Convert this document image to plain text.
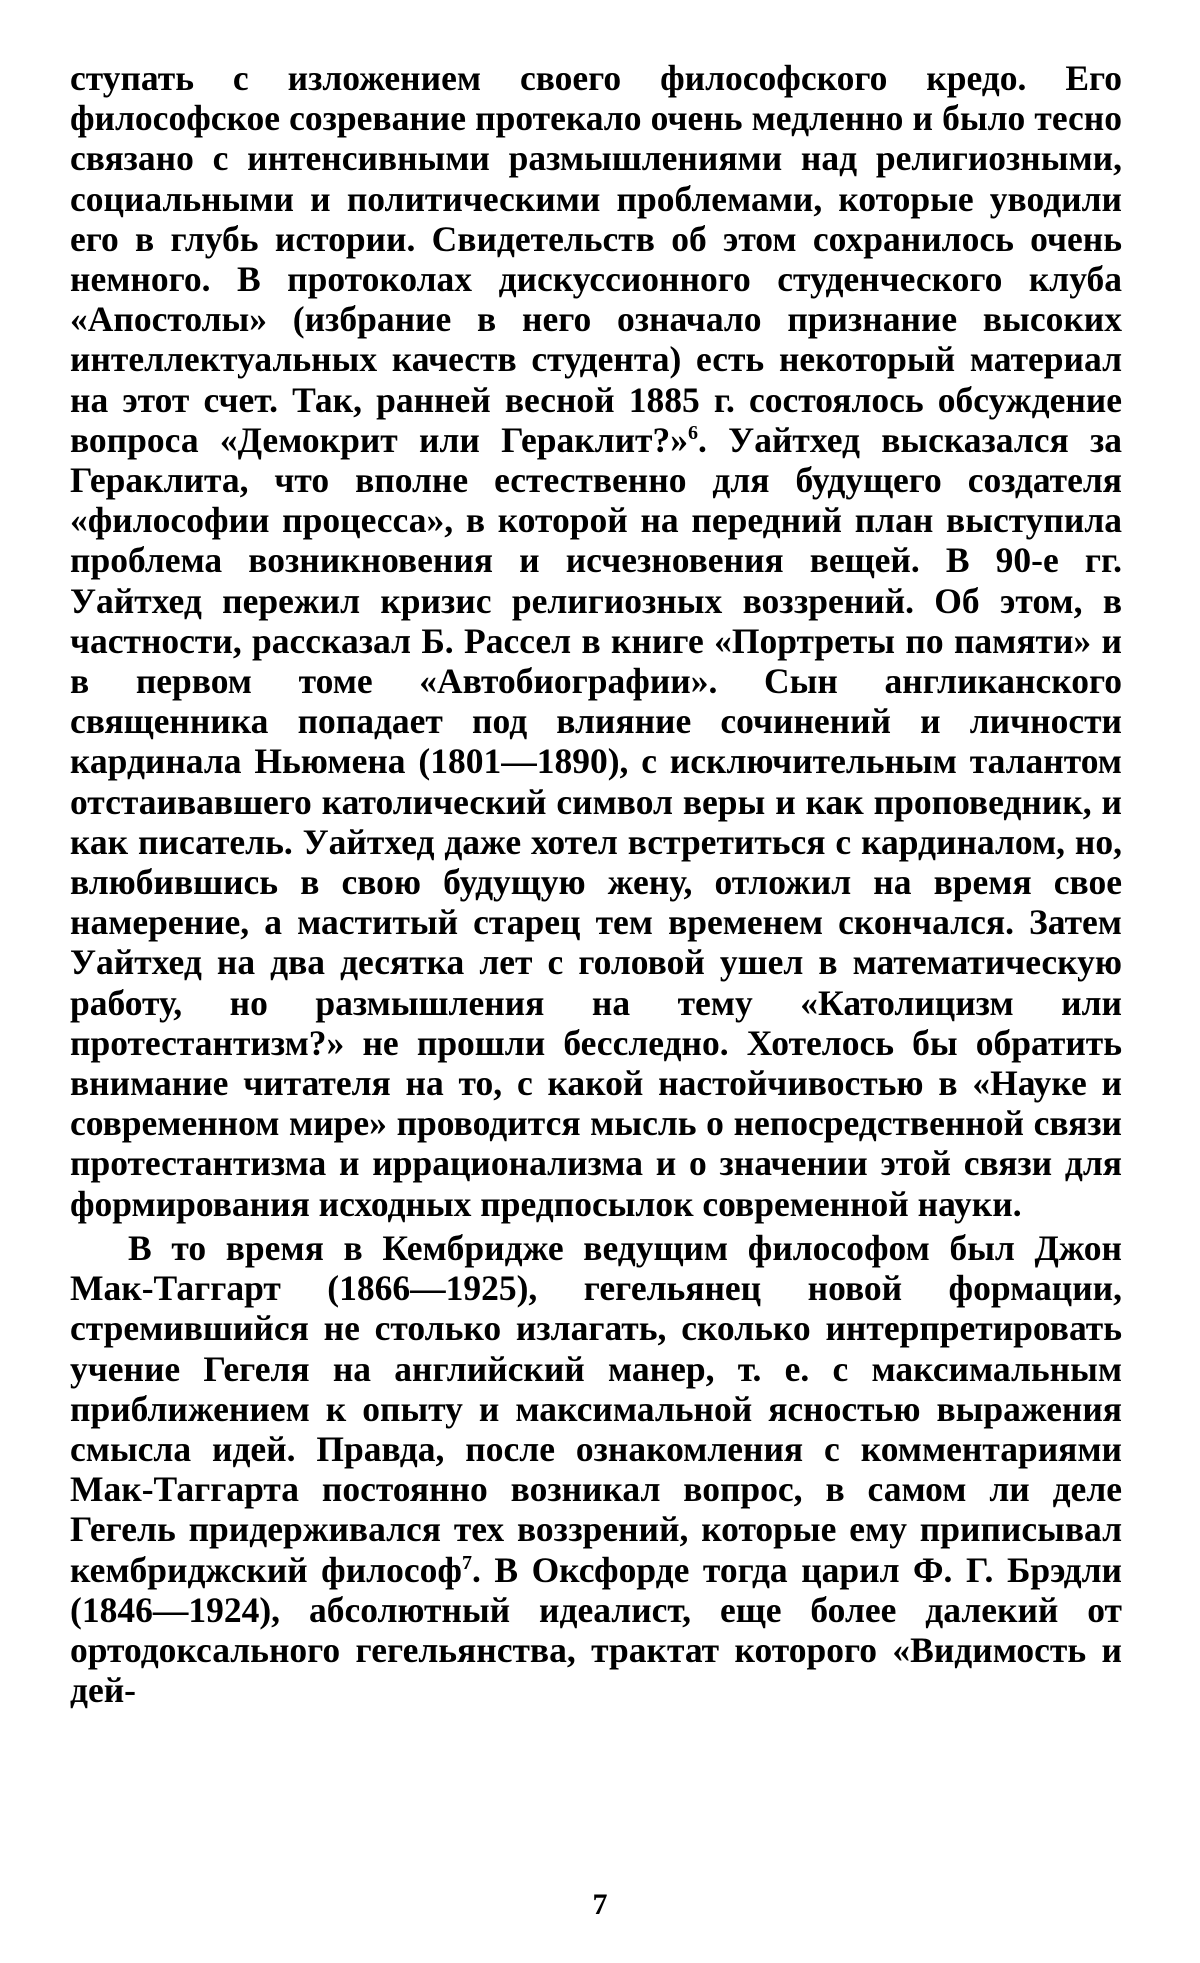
ступать с изложением своего философского кредо. Его философское созревание протекало очень медленно и было тесно связано с интенсивными размышлениями над религиозными, социальными и политическими проблемами, которые уводили его в глубь истории. Свидетельств об этом сохранилось очень немного. В протоколах дискуссионного студенческого клуба «Апостолы» (избрание в него означало признание высоких интеллектуальных качеств студента) есть некоторый материал на этот счет. Так, ранней весной 1885 г. состоялось обсуждение вопроса «Демокрит или Гераклит?»$^6$. Уайтхед высказался за Гераклита, что вполне естественно для будущего создателя «философии процесса», в которой на передний план выступила проблема возникновения и исчезновения вещей. В 90-е гг. Уайтхед пережил кризис религиозных воззрений. Об этом, в частности, рассказал Б. Рассел в книге «Портреты по памяти» и в первом томе «Автобиографии». Сын англиканского священника попадает под влияние сочинений и личности кардинала Ньюмена (1801—1890), с исключительным талантом отстаивавшего католический символ веры и как проповедник, и как писатель. Уайтхед даже хотел встретиться с кардиналом, но, влюбившись в свою будущую жену, отложил на время свое намерение, а маститый старец тем временем скончался. Затем Уайтхед на два десятка лет с головой ушел в математическую работу, но размышления на тему «Католицизм или протестантизм?» не прошли бесследно. Хотелось бы обратить внимание читателя на то, с какой настойчивостью в «Науке и современном мире» проводится мысль о непосредственной связи протестантизма и иррационализма и о значении этой связи для формирования исходных предпосылок современной науки.

В то время в Кембридже ведущим философом был Джон Мак-Таггарт (1866—1925), гегельянец новой формации, стремившийся не столько излагать, сколько интерпретировать учение Гегеля на английский манер, т. е. с максимальным приближением к опыту и максимальной ясностью выражения смысла идей. Правда, после ознакомления с комментариями Мак-Таггарта постоянно возникал вопрос, в самом ли деле Гегель придерживался тех воззрений, которые ему приписывал кембриджский философ$^7$. В Оксфорде тогда царил Ф. Г. Брэдли (1846—1924), абсолютный идеалист, еще более далекий от ортодоксального гегельянства, трактат которого «Видимость и дей-

7
